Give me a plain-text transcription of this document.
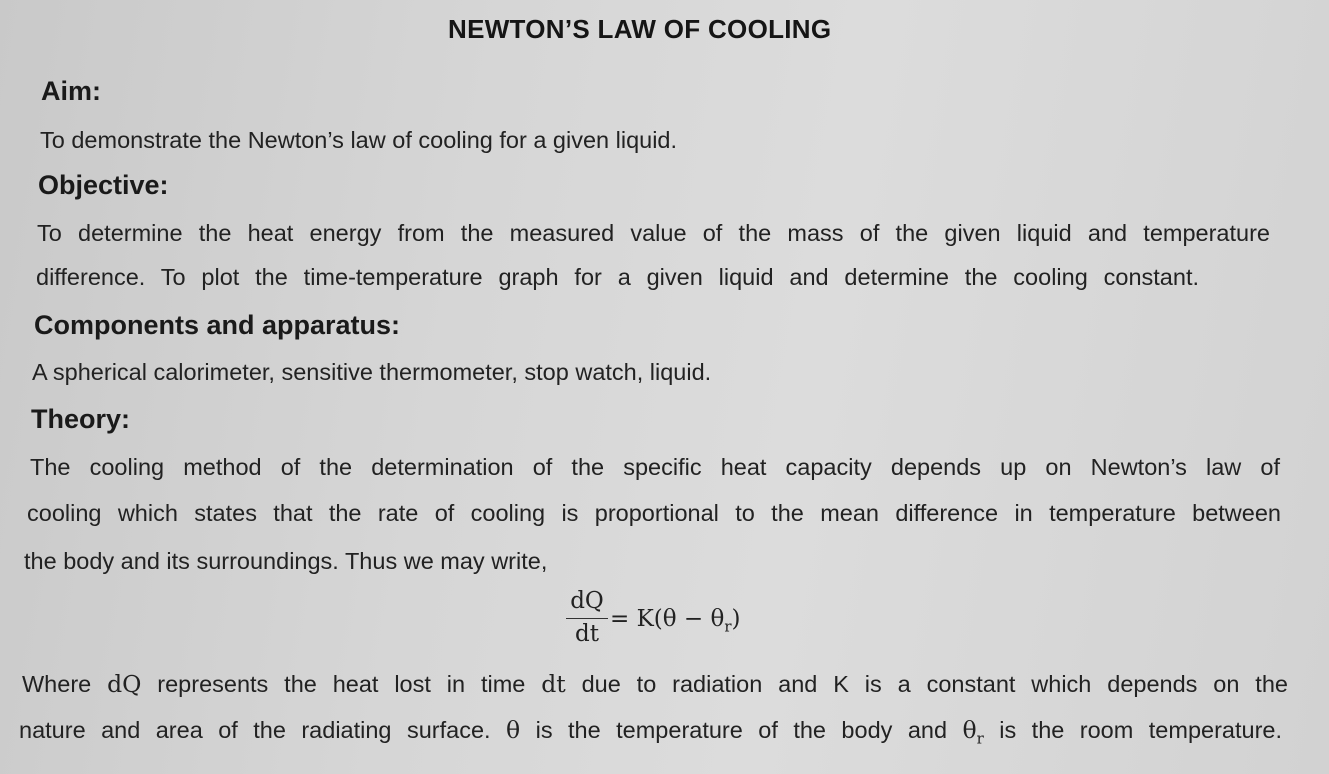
NEWTON’S LAW OF COOLING
Aim:
To demonstrate the Newton’s law of cooling for a given liquid.
Objective:
To determine the heat energy from the measured value of the mass of the given liquid and temperature
difference. To plot the time-temperature graph for a given liquid and determine the cooling constant.
Components and apparatus:
A spherical calorimeter, sensitive thermometer, stop watch, liquid.
Theory:
The cooling method of the determination of the specific heat capacity depends up on Newton’s law of
cooling which states that the rate of cooling is proportional to the mean difference in temperature between
the body and its surroundings. Thus we may write,
dQ
dt
= $K(\theta - \theta_r)$
Where dQ represents the heat lost in time dt due to radiation and K is a constant which depends on the
nature and area of the radiating surface. θ is the temperature of the body and $\theta_r$ is the room temperature.
